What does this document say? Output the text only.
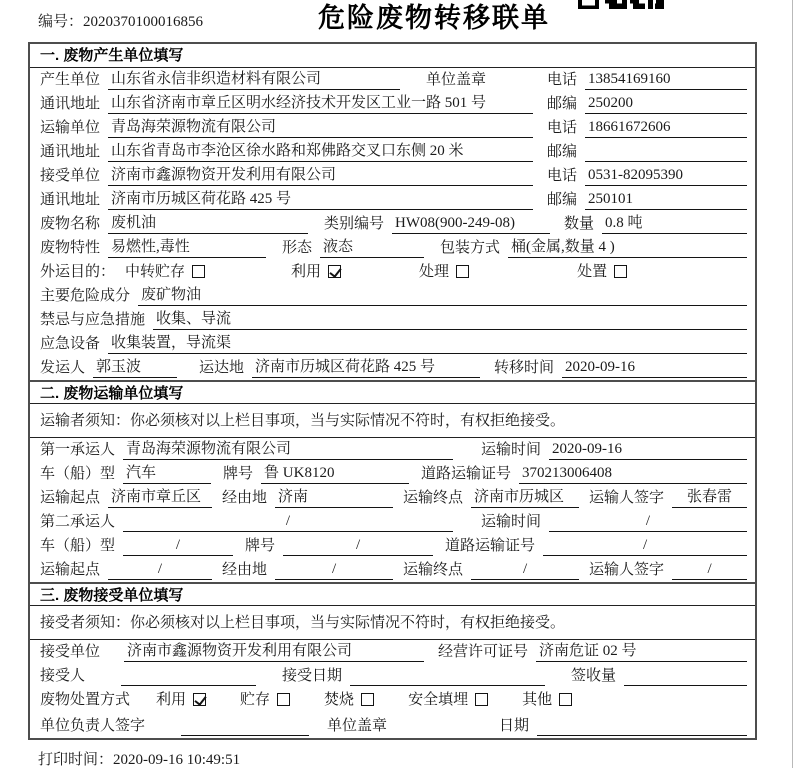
编号：2020370100016856	危险废物转移联单
一. 废物产生单位填写
产生单位 山东省永信非织造材料有限公司	单位盖章	电话 13854169160
通讯地址 山东省济南市章丘区明水经济技术开发区工业一路 501 号	邮编 250200
运输单位 青岛海荣源物流有限公司	电话 18661672606
通讯地址 山东省青岛市李沧区徐水路和郑佛路交叉口东侧 20 米	邮编
接受单位 济南市鑫源物资开发利用有限公司	电话 0531-82095390
通讯地址 济南市历城区荷花路 425 号	邮编 250101
废物名称 废机油	类别编号 HW08(900-249-08)	数量 0.8 吨
废物特性 易燃性,毒性	形态 液态	包装方式 桶(金属,数量 4 )
外运目的： 中转贮存	利用	处理	处置
主要危险成分 废矿物油
禁忌与应急措施 收集、导流
应急设备 收集装置，导流渠
发运人 郭玉波	运达地 济南市历城区荷花路 425 号	转移时间 2020-09-16
二. 废物运输单位填写
运输者须知：你必须核对以上栏目事项，当与实际情况不符时，有权拒绝接受。
第一承运人 青岛海荣源物流有限公司	运输时间 2020-09-16
车（船）型 汽车	牌号 鲁 UK8120	道路运输证号 370213006408
运输起点 济南市章丘区	经由地 济南	运输终点 济南市历城区	运输人签字	张春雷
第二承运人	/	运输时间	/
车（船）型	/	牌号	/	道路运输证号	/
运输起点	/	经由地	/	运输终点	/	运输人签字	/
三. 废物接受单位填写
接受者须知：你必须核对以上栏目事项，当与实际情况不符时，有权拒绝接受。
接受单位 济南市鑫源物资开发利用有限公司	经营许可证号 济南危证 02 号
接受人	接受日期	签收量
废物处置方式 利用	贮存	焚烧	安全填埋	其他
单位负责人签字	单位盖章	日期
打印时间：2020-09-16 10:49:51
